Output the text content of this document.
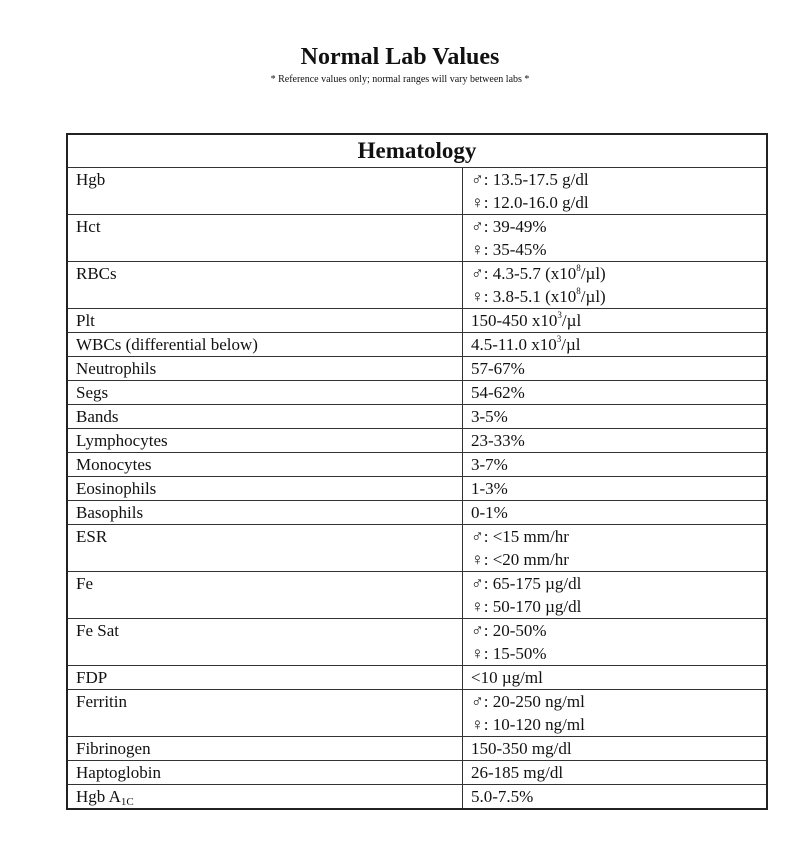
Normal Lab Values
* Reference values only; normal ranges will vary between labs *
Hematology	
Hgb	♂: 13.5-17.5 g/dl
♀: 12.0-16.0 g/dl

Hct	♂: 39-49%
♀: 35-45%

RBCs	♂: 4.3-5.7 $(x10^8/\mu l)$
♀: 3.8-5.1 $(x10^8/\mu l)$

Plt	150-450 $x10^3/\mu l$

WBCs (differential below)	4.5-11.0 $x10^3/\mu l$

Neutrophils	57-67%

Segs	54-62%

Bands	3-5%

Lymphocytes	23-33%

Monocytes	3-7%

Eosinophils	1-3%

Basophils	0-1%

ESR	♂: <15 mm/hr
♀: <20 mm/hr

Fe	♂: 65-175 µg/dl
♀: 50-170 µg/dl

Fe Sat	♂: 20-50%
♀: 15-50%

FDP	<10 µg/ml

Ferritin	♂: 20-250 ng/ml
♀: 10-120 ng/ml

Fibrinogen	150-350 mg/dl

Haptoglobin	26-185 mg/dl

Hgb $A_{1C}$	5.0-7.5%
